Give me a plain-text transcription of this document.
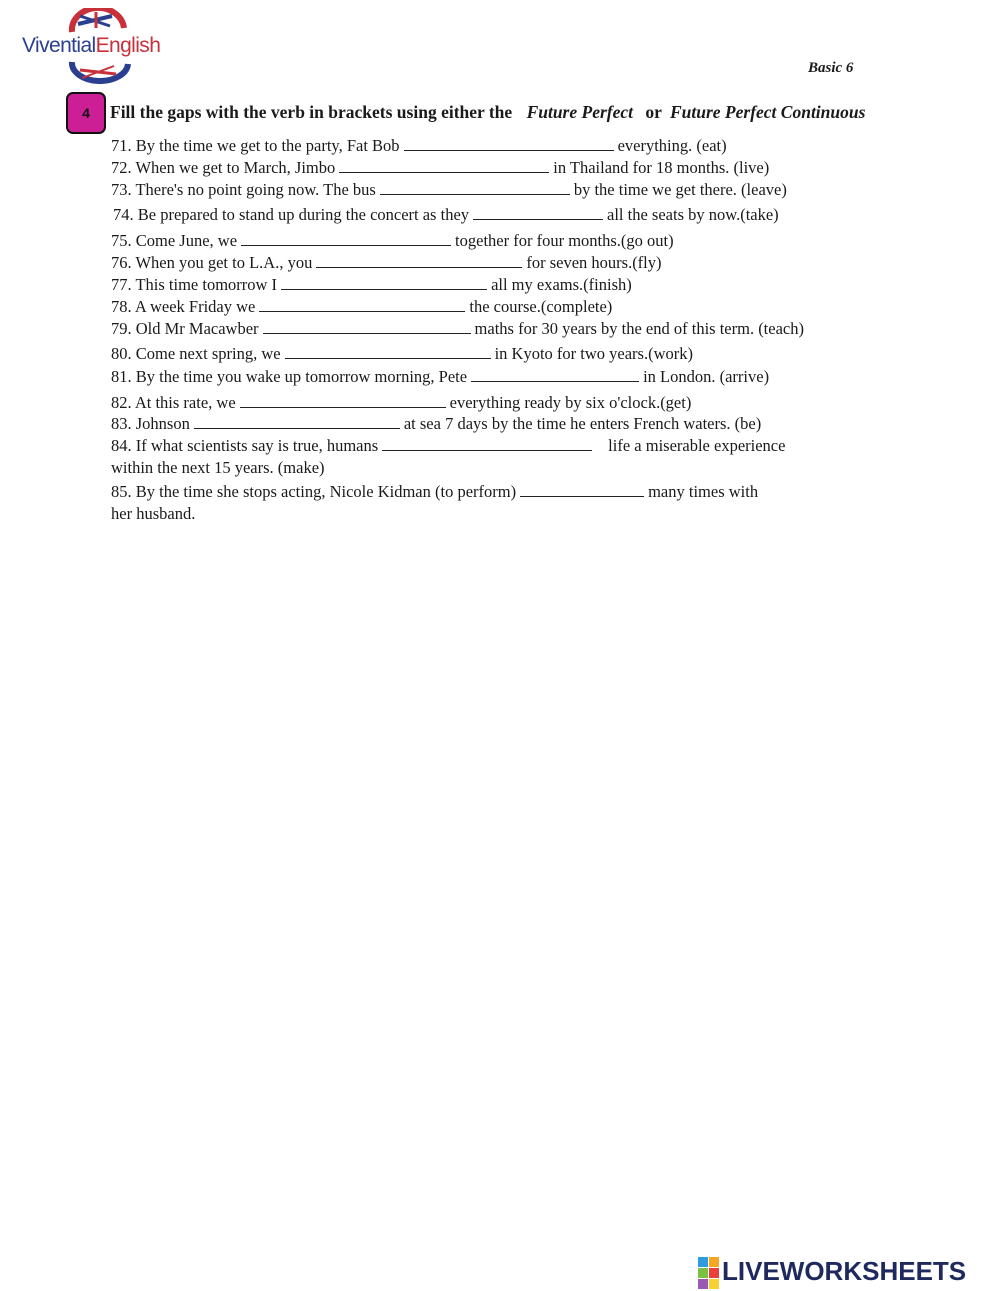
ViventialEnglish
Basic 6
4	Fill the gaps with the verb in brackets using either the Future Perfect or Future Perfect Continuous
71. By the time we get to the party, Fat Bob	everything. (eat)
72. When we get to March, Jimbo	in Thailand for 18 months. (live)
73. There's no point going now. The bus	by the time we get there. (leave)
74. Be prepared to stand up during the concert as they	all the seats by now.(take)
75. Come June, we	together for four months.(go out)
76. When you get to L.A., you	for seven hours.(fly)
77. This time tomorrow I	all my exams.(finish)
78. A week Friday we	the course.(complete)
79. Old Mr Macawber	maths for 30 years by the end of this term. (teach)
80. Come next spring, we	in Kyoto for two years.(work)
81. By the time you wake up tomorrow morning, Pete	in London. (arrive)
82. At this rate, we	everything ready by six o'clock.(get)
83. Johnson	at sea 7 days by the time he enters French waters. (be)
84. If what scientists say is true, humans	life a miserable experience
within the next 15 years. (make)
85. By the time she stops acting, Nicole Kidman (to perform)	many times with
her husband.
LIVEWORKSHEETS
